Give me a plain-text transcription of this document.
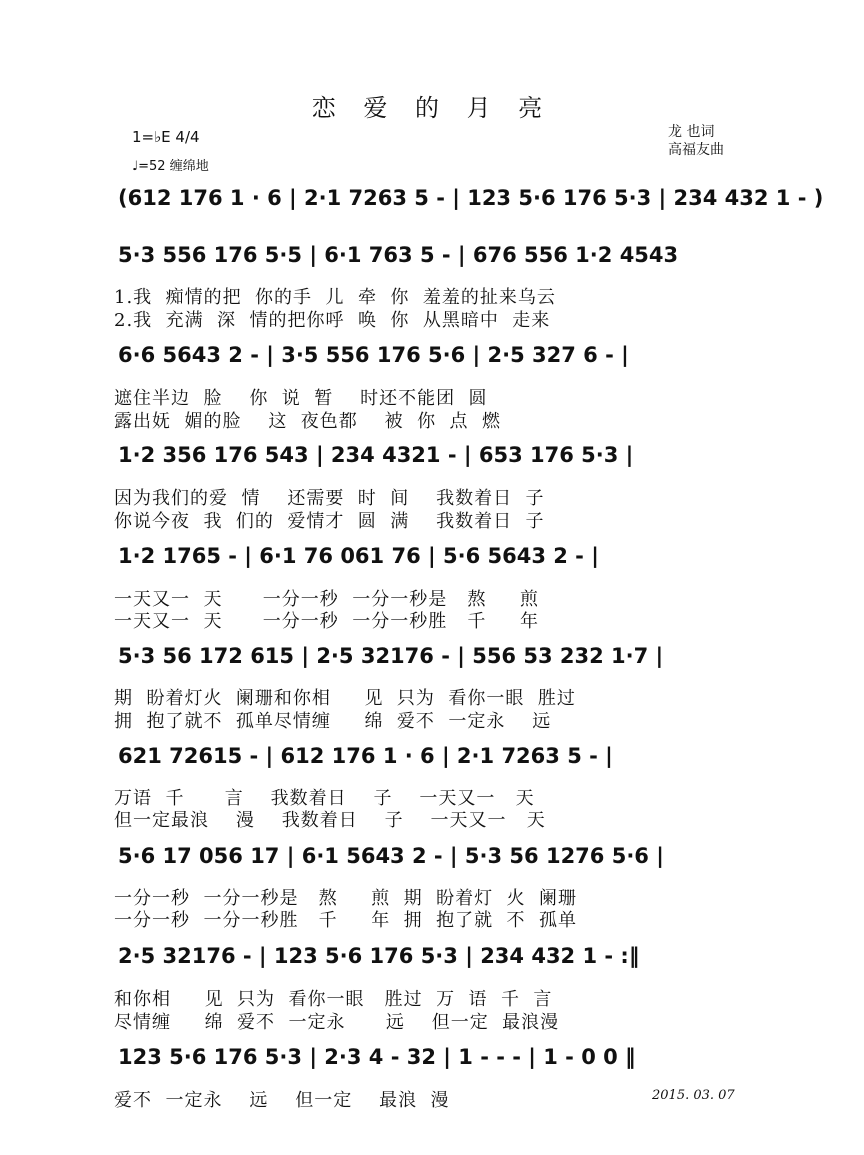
恋 爱 的 月 亮
1=♭E 4/4
♩=52 缠绵地
龙 也词
高福友曲
(612 176 1 · 6 | 2·1 7263 5 - | 123 5·6 176 5·3 | 234 432 1 - )
5·3 556 176 5·5 | 6·1 763 5 - | 676 556 1·2 4543
1.我  痴情的把  你的手  儿  牵  你  羞羞的扯来乌云
2.我  充满  深  情的把你呼  唤  你  从黑暗中  走来
6·6 5643 2 - | 3·5 556 176 5·6 | 2·5 327 6 - |
遮住半边  脸    你  说  暂    时还不能团  圆
露出妩  媚的脸    这  夜色都    被  你  点  燃
1·2 356 176 543 | 234 4321 - | 653 176 5·3 |
因为我们的爱  情    还需要  时  间    我数着日  子
你说今夜  我  们的  爱情才  圆  满    我数着日  子
1·2 1765 - | 6·1 76 061 76 | 5·6 5643 2 - |
一天又一  天      一分一秒  一分一秒是   熬     煎
一天又一  天      一分一秒  一分一秒胜   千     年
5·3 56 172 615 | 2·5 32176 - | 556 53 232 1·7 |
期  盼着灯火  阑珊和你相     见  只为  看你一眼  胜过
拥  抱了就不  孤单尽情缠     绵  爱不  一定永    远
621 72615 - | 612 176 1 · 6 | 2·1 7263 5 - |
万语  千      言    我数着日    子    一天又一   天
但一定最浪    漫    我数着日    子    一天又一   天
5·6 17 056 17 | 6·1 5643 2 - | 5·3 56 1276 5·6 |
一分一秒  一分一秒是   熬     煎  期  盼着灯  火  阑珊
一分一秒  一分一秒胜   千     年  拥  抱了就  不  孤单
2·5 32176 - | 123 5·6 176 5·3 | 234 432 1 - :‖
和你相     见  只为  看你一眼   胜过  万  语  千  言
尽情缠     绵  爱不  一定永      远    但一定  最浪漫
123 5·6 176 5·3 | 2·3 4 - 32 | 1 - - - | 1 - 0 0 ‖
爱不  一定永    远    但一定    最浪  漫	2015. 03. 07
